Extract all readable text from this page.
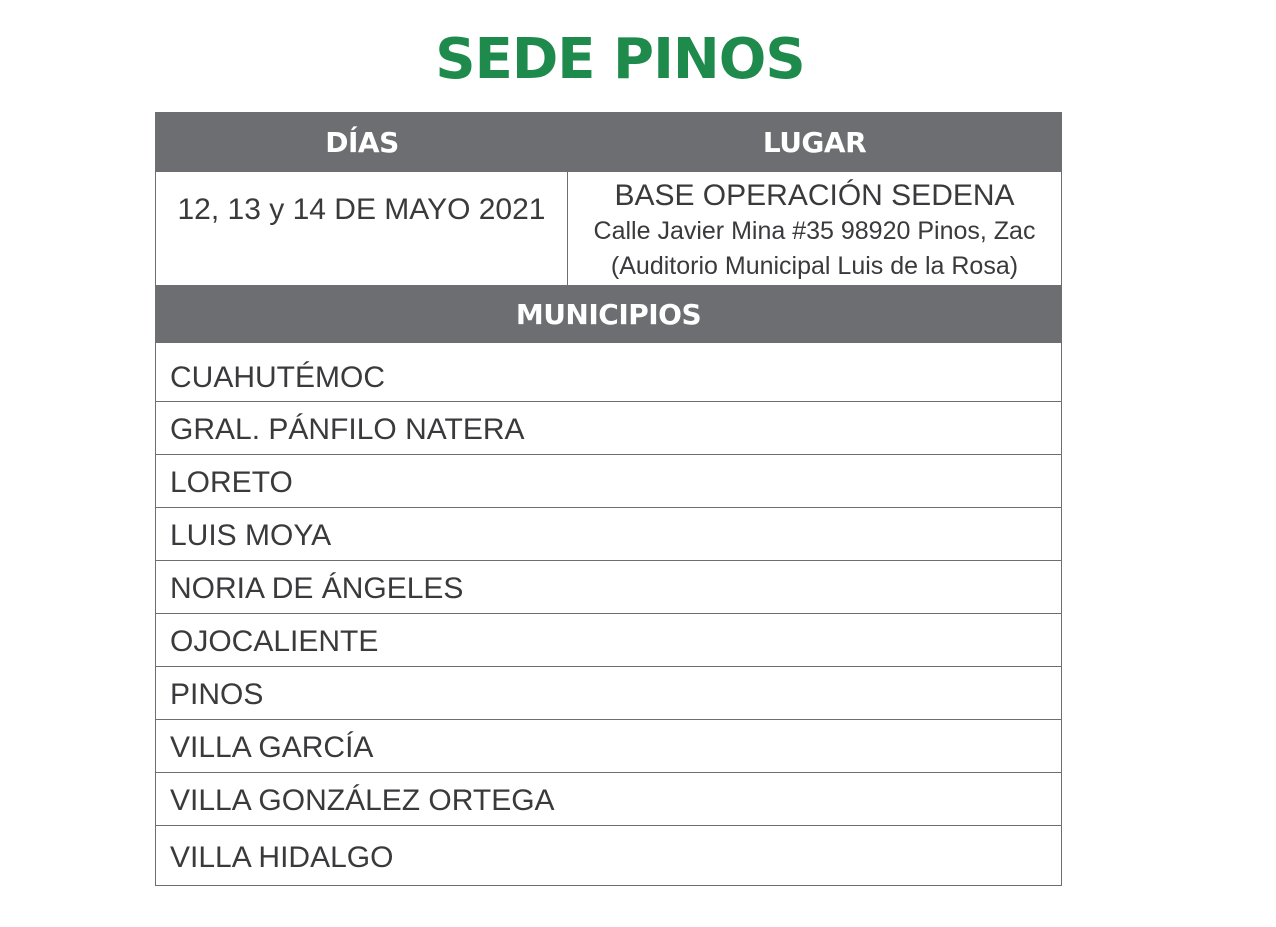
SEDE PINOS
DÍAS	LUGAR
12, 13 y 14 DE MAYO 2021	BASE OPERACIÓN SEDENA
Calle Javier Mina #35 98920 Pinos, Zac
(Auditorio Municipal Luis de la Rosa)
MUNICIPIOS
CUAHUTÉMOC
GRAL. PÁNFILO NATERA
LORETO
LUIS MOYA
NORIA DE ÁNGELES
OJOCALIENTE
PINOS
VILLA GARCÍA
VILLA GONZÁLEZ ORTEGA
VILLA HIDALGO
